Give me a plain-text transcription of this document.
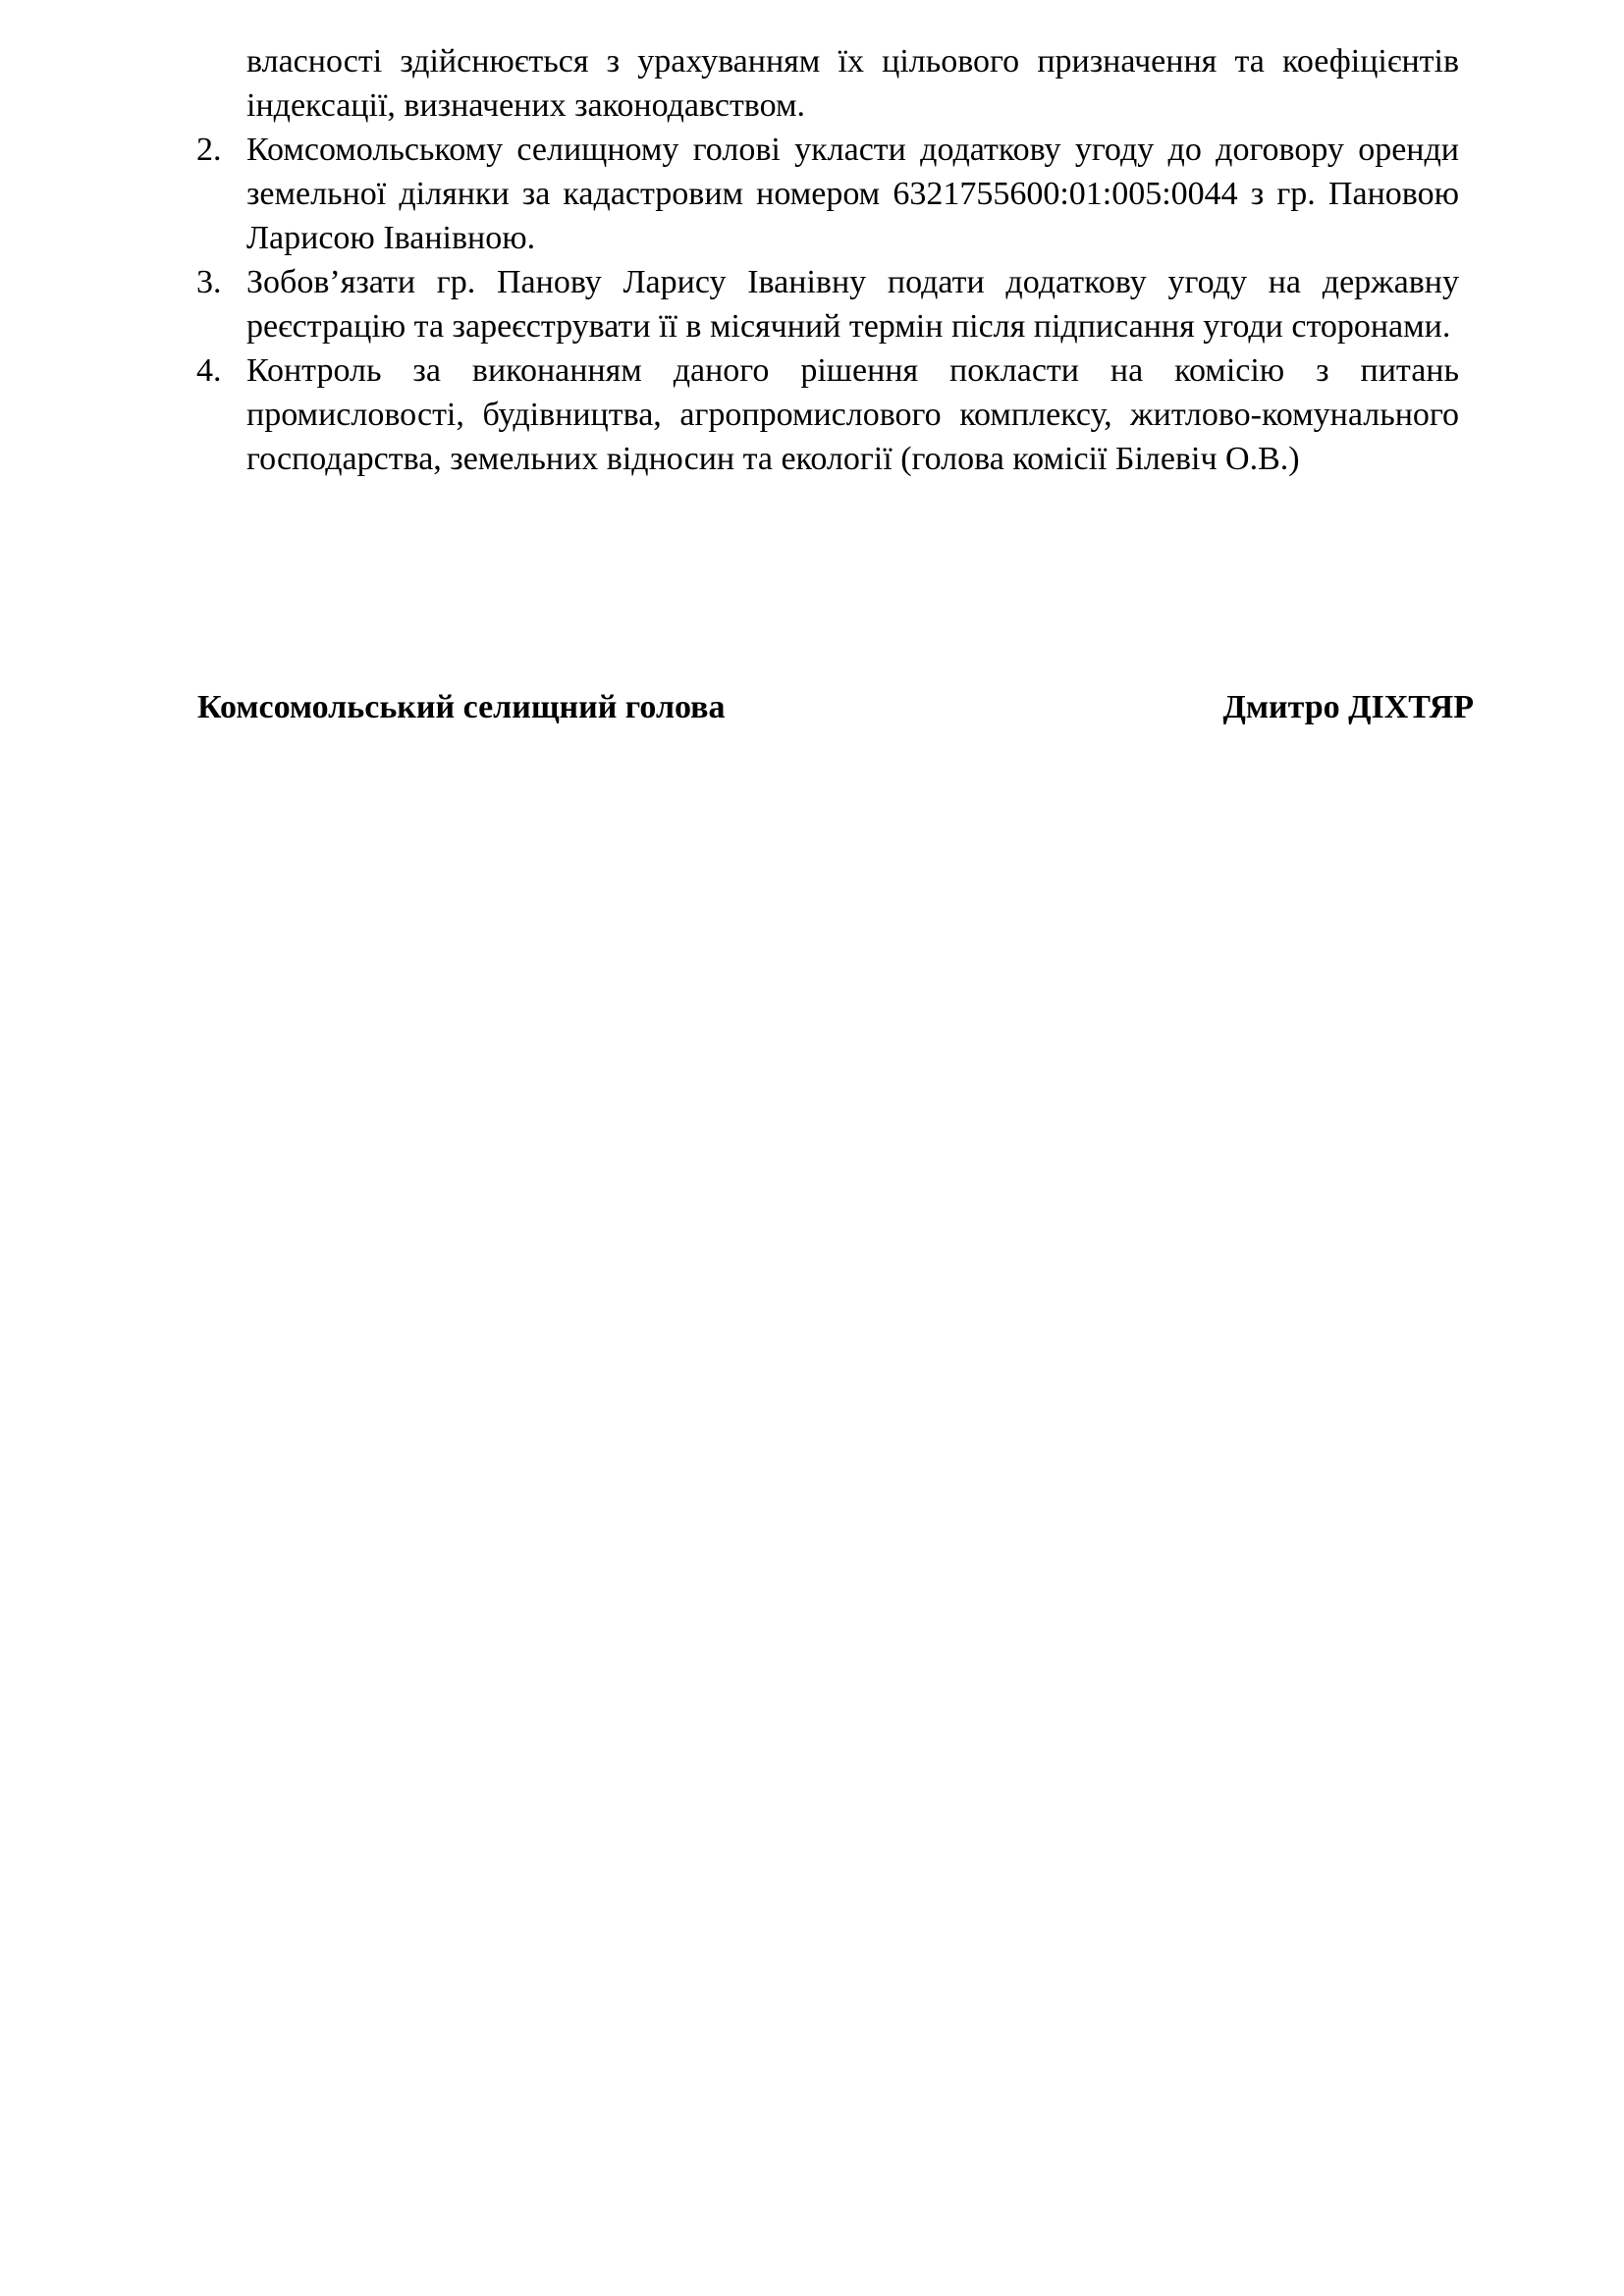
власності здійснюється з урахуванням їх цільового призначення та коефіцієнтів індексації, визначених законодавством.

2. Комсомольському селищному голові укласти додаткову угоду до договору оренди земельної ділянки за кадастровим номером 6321755600:01:005:0044 з гр. Пановою Ларисою Іванівною.
3. Зобов’язати гр. Панову Ларису Іванівну подати додаткову угоду на державну реєстрацію та зареєструвати її в місячний термін після підписання угоди сторонами.
4. Контроль за виконанням даного рішення покласти на комісію з питань промисловості, будівництва, агропромислового комплексу, житлово-комунального господарства, земельних відносин та екології (голова комісії Білевіч О.В.)
Комсомольський селищний голова	Дмитро ДІХТЯР
